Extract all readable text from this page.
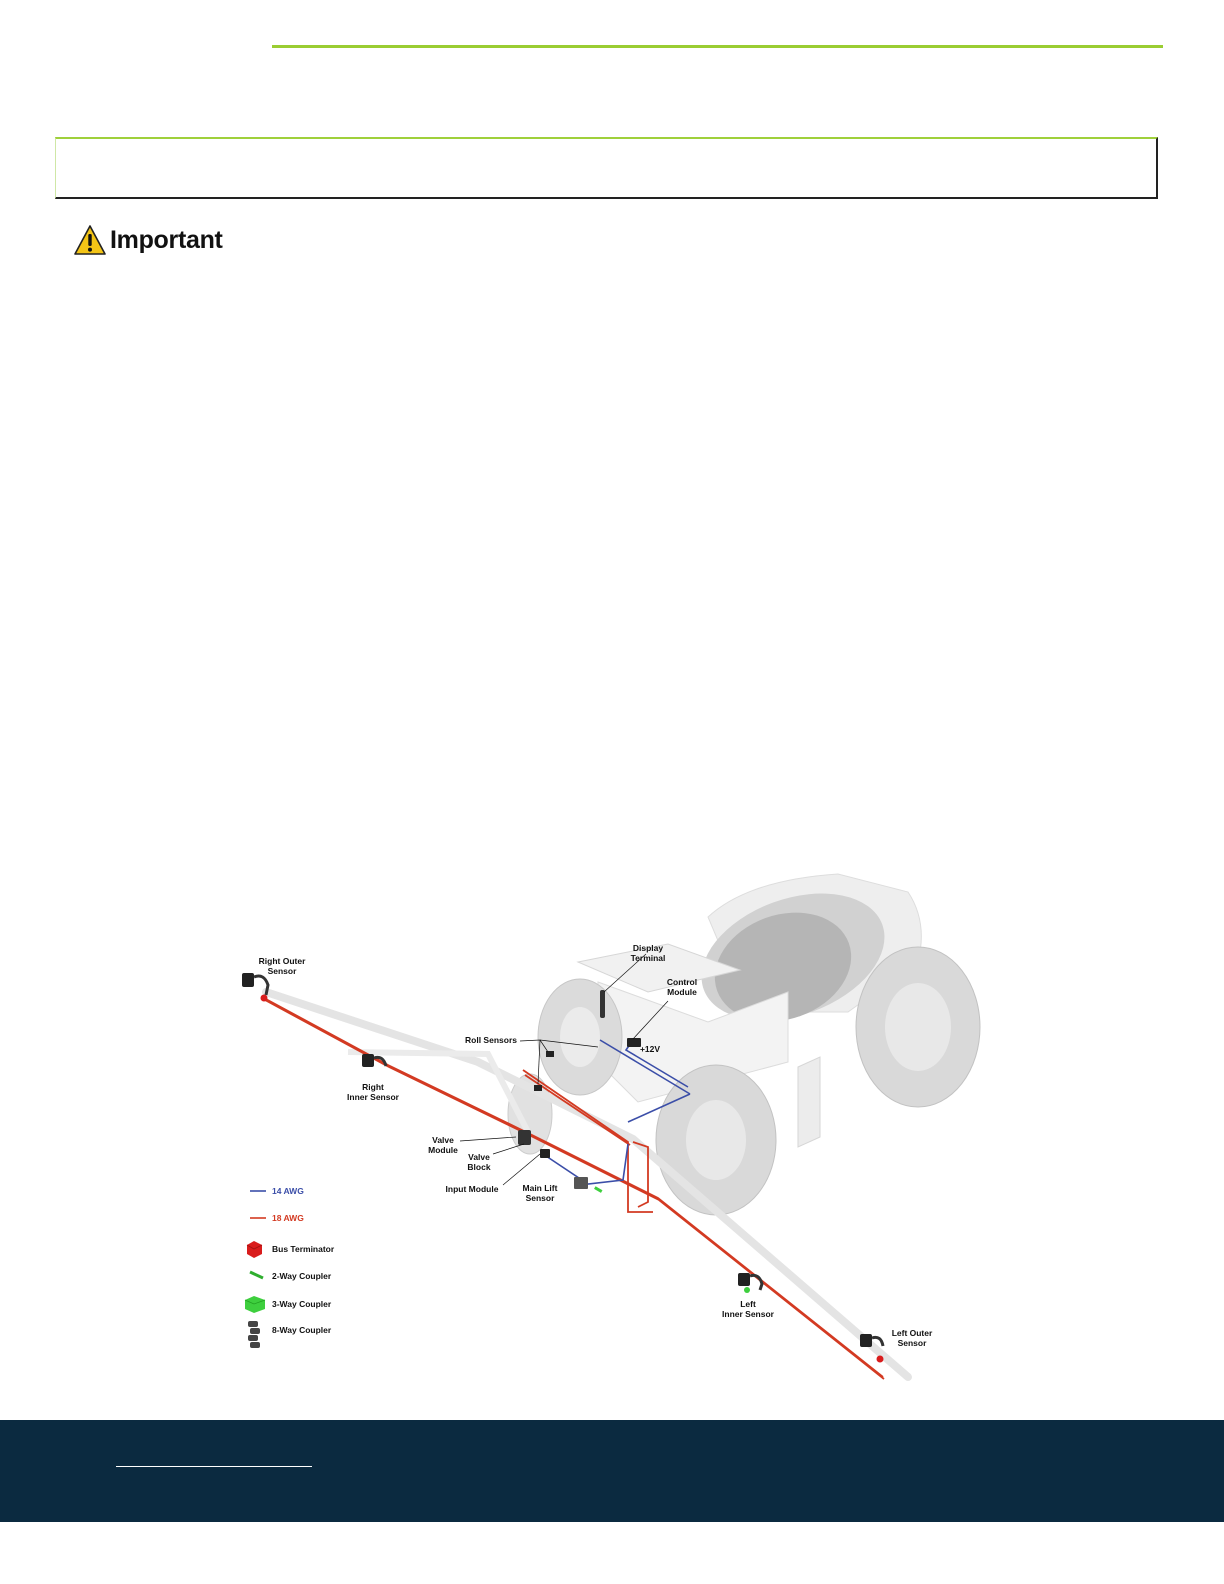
Important
Right Outer
Sensor
Right
Inner Sensor
Display
Terminal
Control
Module
Roll Sensors
+12V
Valve
Module
Valve
Block
Input Module	Main Lift
Sensor
Left
Inner Sensor
Left Outer
Sensor
14 AWG
18 AWG
Bus Terminator
2-Way Coupler
3-Way Coupler
8-Way Coupler
